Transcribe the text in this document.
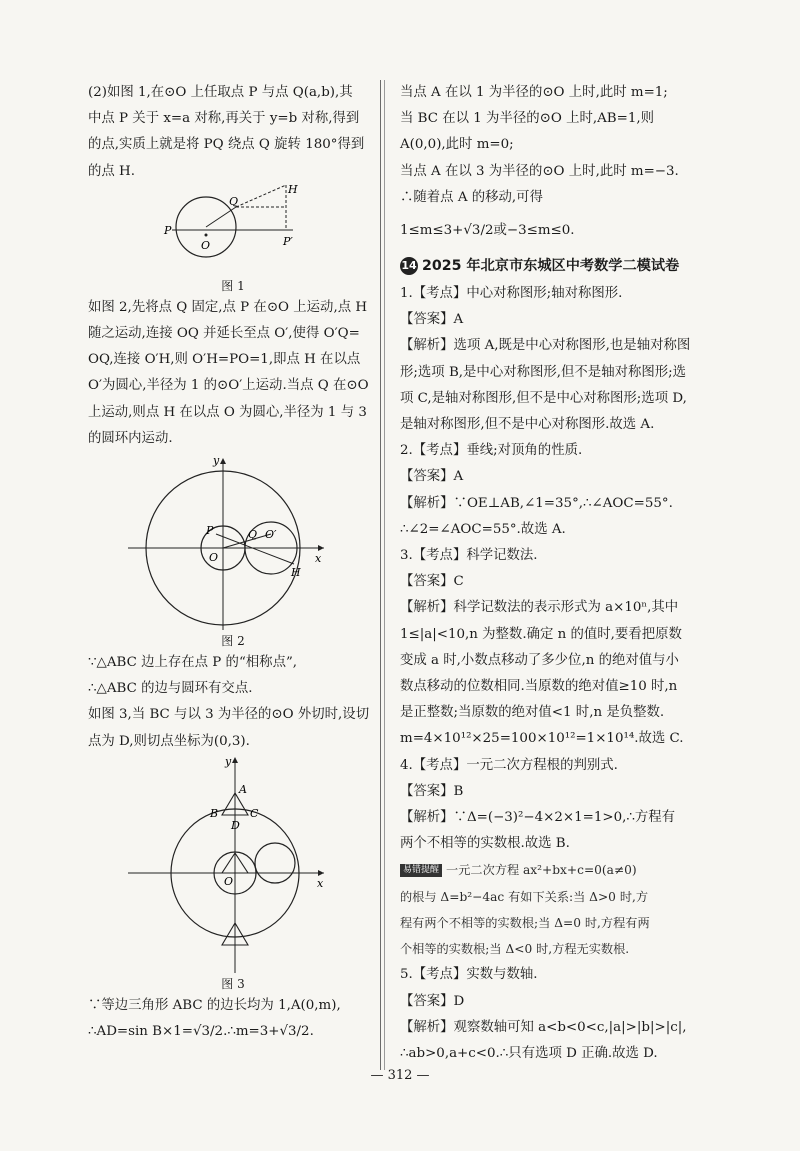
(2)如图 1,在⊙O 上任取点 P 与点 Q(a,b),其
中点 P 关于 x=a 对称,再关于 y=b 对称,得到
的点,实质上就是将 PQ 绕点 Q 旋转 180°得到
的点 H.
P
Q
H
O	P′
图 1
如图 2,先将点 Q 固定,点 P 在⊙O 上运动,点 H
随之运动,连接 OQ 并延长至点 O′,使得 O′Q=
OQ,连接 O′H,则 O′H=PO=1,即点 H 在以点
O′为圆心,半径为 1 的⊙O′上运动.当点 Q 在⊙O
上运动,则点 H 在以点 O 为圆心,半径为 1 与 3
的圆环内运动.
x
y
O
P	Q O′
H
图 2
∵△ABC 边上存在点 P 的“相称点”,
∴△ABC 的边与圆环有交点.
如图 3,当 BC 与以 3 为半径的⊙O 外切时,设切
点为 D,则切点坐标为(0,3).
x
y
A
B	C
D
O
图 3
∵等边三角形 ABC 的边长均为 1,A(0,m),
∴AD=sin B×1=√3/2.∴m=3+√3/2.
当点 A 在以 1 为半径的⊙O 上时,此时 m=1;
当 BC 在以 1 为半径的⊙O 上时,AB=1,则
A(0,0),此时 m=0;
当点 A 在以 3 为半径的⊙O 上时,此时 m=−3.
∴随着点 A 的移动,可得
1≤m≤3+√3/2或−3≤m≤0.
14 2025 年北京市东城区中考数学二模试卷
1.【考点】中心对称图形;轴对称图形.
【答案】A
【解析】选项 A,既是中心对称图形,也是轴对称图
形;选项 B,是中心对称图形,但不是轴对称图形;选
项 C,是轴对称图形,但不是中心对称图形;选项 D,
是轴对称图形,但不是中心对称图形.故选 A.
2.【考点】垂线;对顶角的性质.
【答案】A
【解析】∵OE⊥AB,∠1=35°,∴∠AOC=55°.
∴∠2=∠AOC=55°.故选 A.
3.【考点】科学记数法.
【答案】C
【解析】科学记数法的表示形式为 a×10ⁿ,其中
1≤|a|<10,n 为整数.确定 n 的值时,要看把原数
变成 a 时,小数点移动了多少位,n 的绝对值与小
数点移动的位数相同.当原数的绝对值≥10 时,n
是正整数;当原数的绝对值<1 时,n 是负整数.
m=4×10¹²×25=100×10¹²=1×10¹⁴.故选 C.
4.【考点】一元二次方程根的判别式.
【答案】B
【解析】∵Δ=(−3)²−4×2×1=1>0,∴方程有
两个不相等的实数根.故选 B.
易错提醒 一元二次方程 ax²+bx+c=0(a≠0)
的根与 Δ=b²−4ac 有如下关系:当 Δ>0 时,方
程有两个不相等的实数根;当 Δ=0 时,方程有两
个相等的实数根;当 Δ<0 时,方程无实数根.
5.【考点】实数与数轴.
【答案】D
【解析】观察数轴可知 a<b<0<c,|a|>|b|>|c|,
∴ab>0,a+c<0.∴只有选项 D 正确.故选 D.
— 312 —
